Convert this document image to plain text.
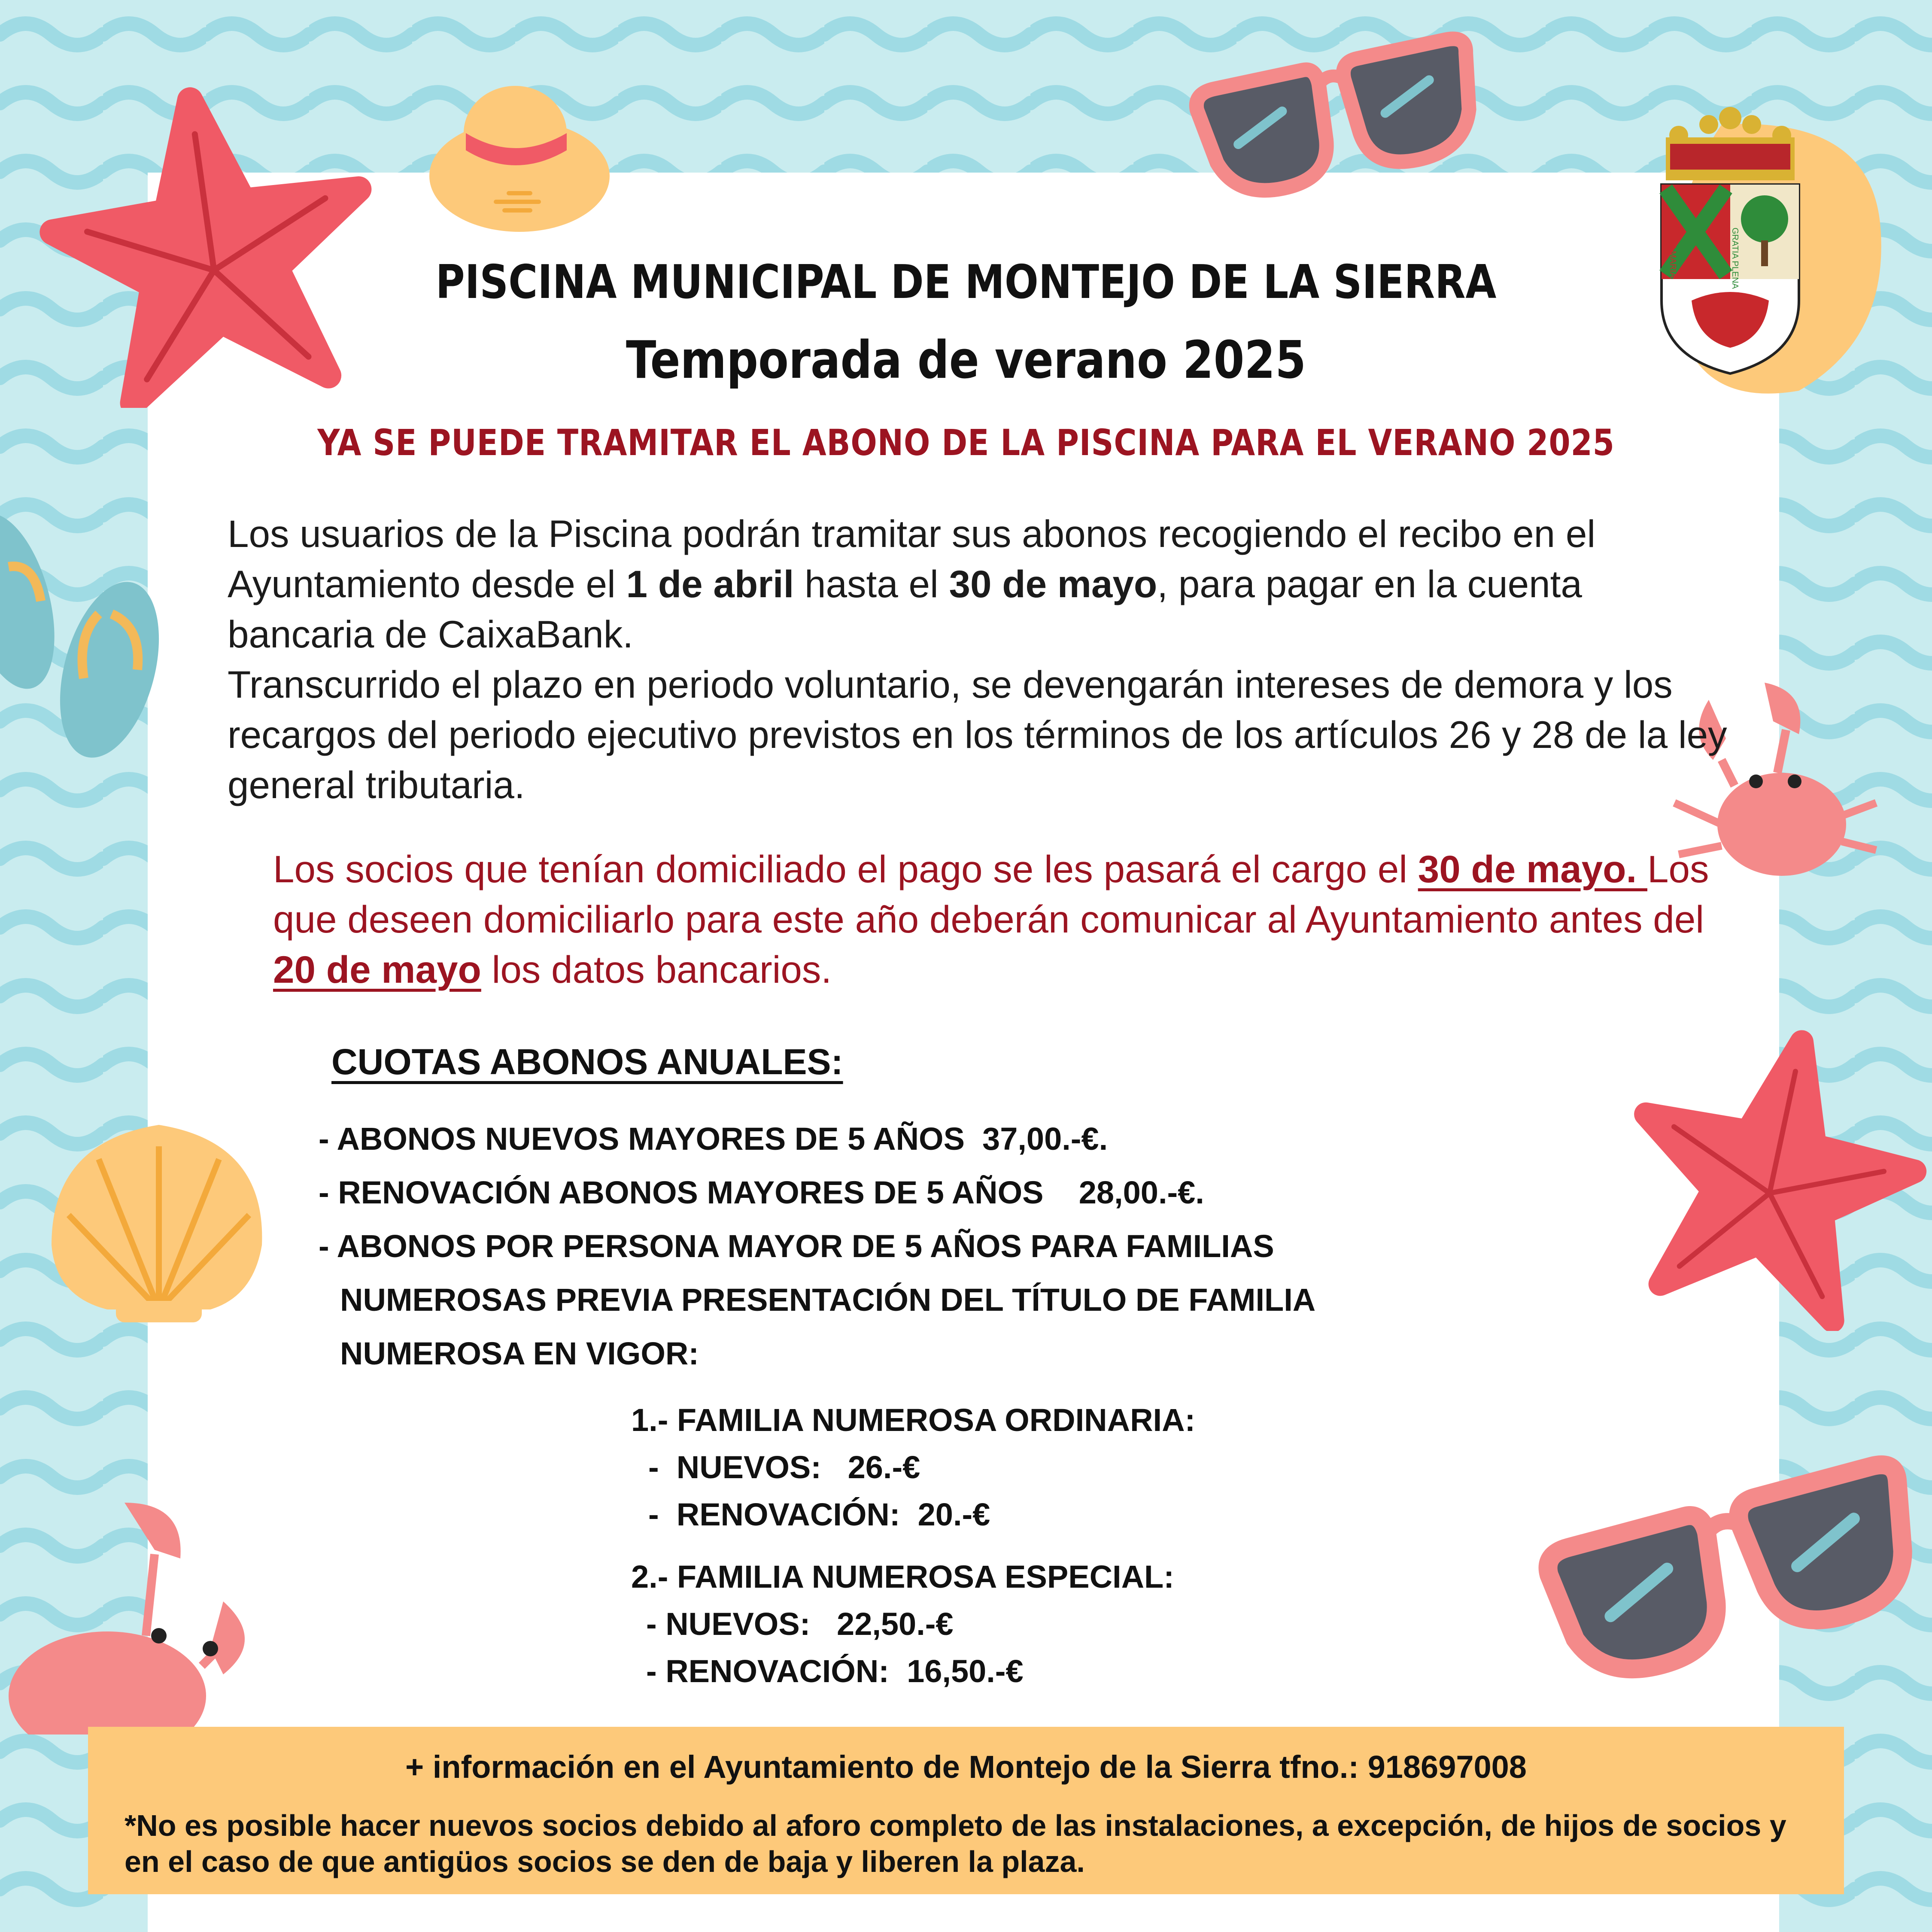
AVE MARIA	GRATIA PLENA
PISCINA MUNICIPAL DE MONTEJO DE LA SIERRA
Temporada de verano 2025
YA SE PUEDE TRAMITAR EL ABONO DE LA PISCINA PARA EL VERANO 2025
Los usuarios de la Piscina podrán tramitar sus abonos recogiendo el recibo en el Ayuntamiento desde el 1 de abril hasta el 30 de mayo, para pagar en la cuenta bancaria de CaixaBank.
Transcurrido el plazo en periodo voluntario, se devengarán intereses de demora y los recargos del periodo ejecutivo previstos en los términos de los artículos 26 y 28 de la ley general tributaria.
Los socios que tenían domiciliado el pago se les pasará el cargo el 30 de mayo. Los que deseen domiciliarlo para este año deberán comunicar al Ayuntamiento antes del 20 de mayo los datos bancarios.
CUOTAS ABONOS ANUALES:
- ABONOS NUEVOS MAYORES DE 5 AÑOS  37,00.-€.
- RENOVACIÓN ABONOS MAYORES DE 5 AÑOS    28,00.-€.
- ABONOS POR PERSONA MAYOR DE 5 AÑOS PARA FAMILIAS
NUMEROSAS PREVIA PRESENTACIÓN DEL TÍTULO DE FAMILIA
NUMEROSA EN VIGOR:
1.- FAMILIA NUMEROSA ORDINARIA:
-  NUEVOS:   26.-€
-  RENOVACIÓN:  20.-€
2.- FAMILIA NUMEROSA ESPECIAL:
- NUEVOS:   22,50.-€
- RENOVACIÓN:  16,50.-€
+ información en el Ayuntamiento de Montejo de la Sierra tfno.: 918697008
*No es posible hacer nuevos socios debido al aforo completo de las instalaciones, a excepción, de hijos de socios y en el caso de que antigüos socios se den de baja y liberen la plaza.
